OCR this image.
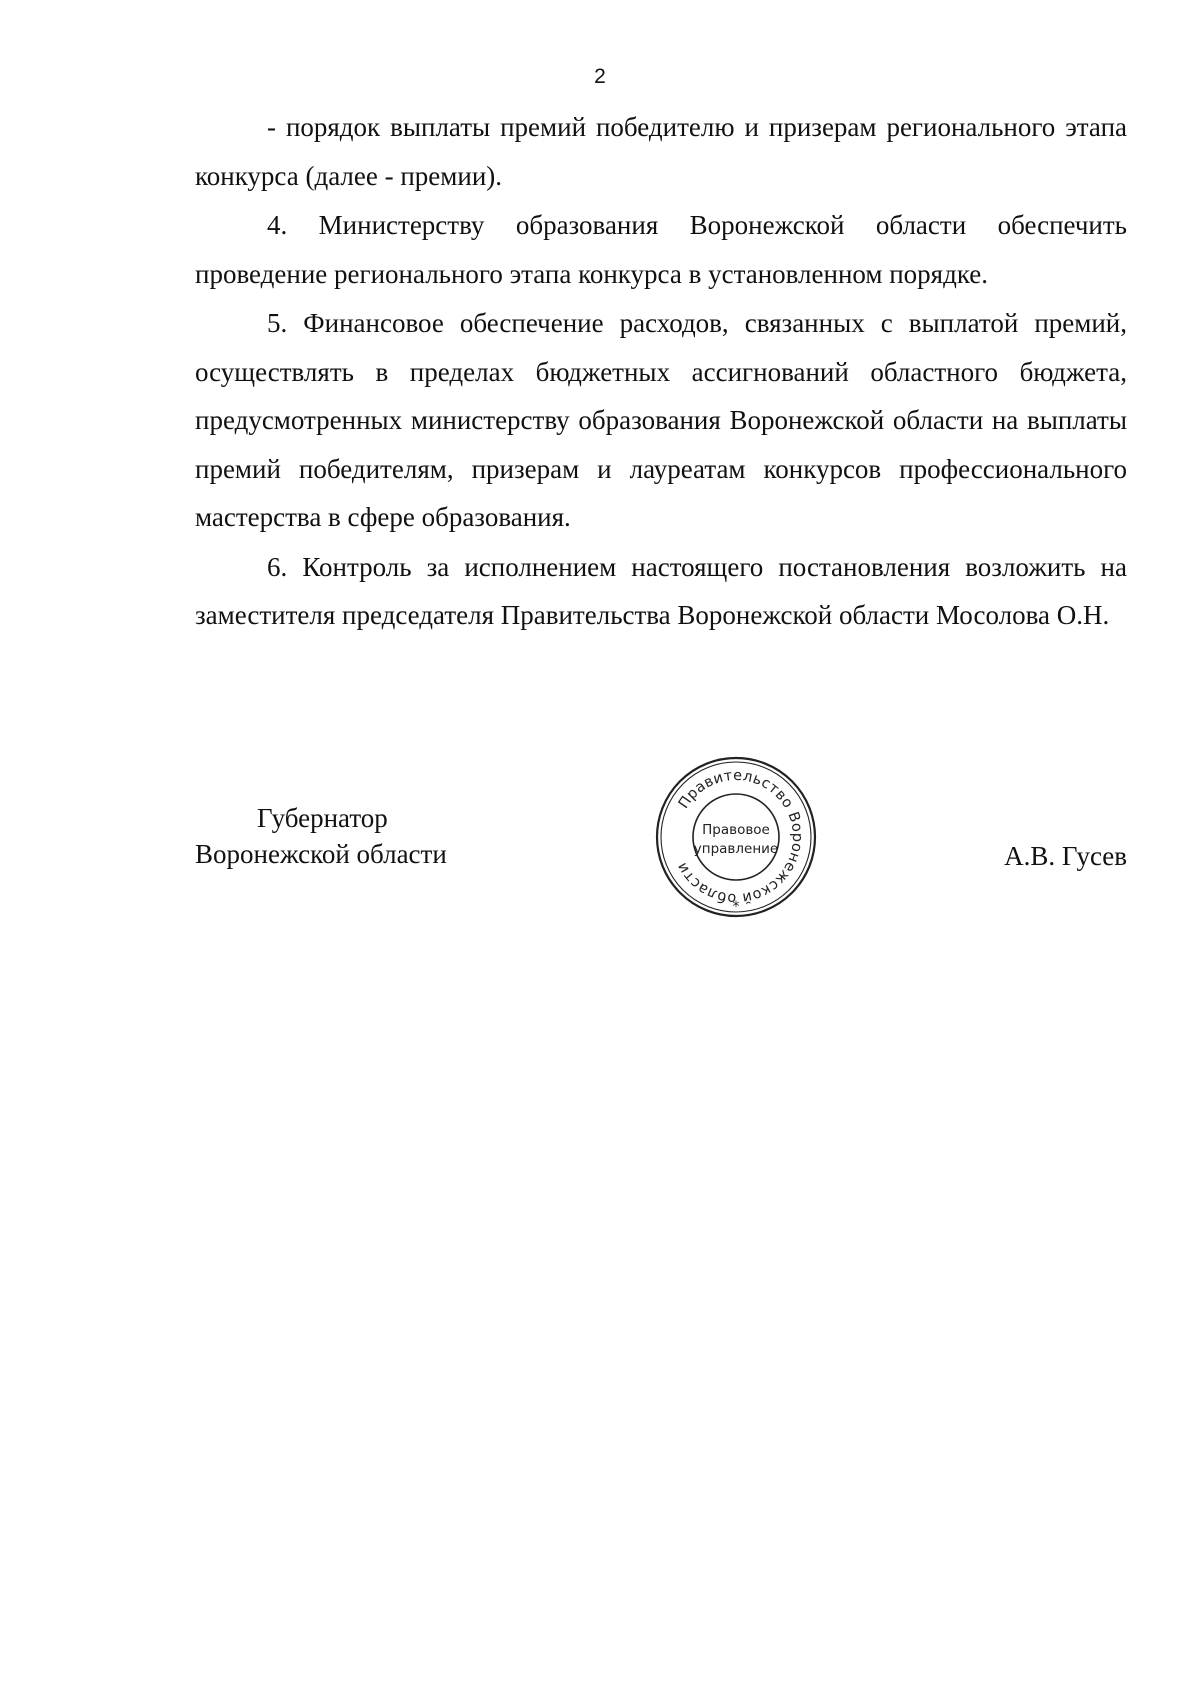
2

- порядок выплаты премий победителю и призерам регионального этапа конкурса (далее - премии).

4. Министерству образования Воронежской области обеспечить проведение регионального этапа конкурса в установленном порядке.

5. Финансовое обеспечение расходов, связанных с выплатой премий, осуществлять в пределах бюджетных ассигнований областного бюджета, предусмотренных министерству образования Воронежской области на выплаты премий победителям, призерам и лауреатам конкурсов профессионального мастерства в сфере образования.

6. Контроль за исполнением настоящего постановления возложить на заместителя председателя Правительства Воронежской области Мосолова О.Н.

Губернатор
Воронежской области	А.В. Гусев
Правительство Воронежской области
Правовое
управление
*
